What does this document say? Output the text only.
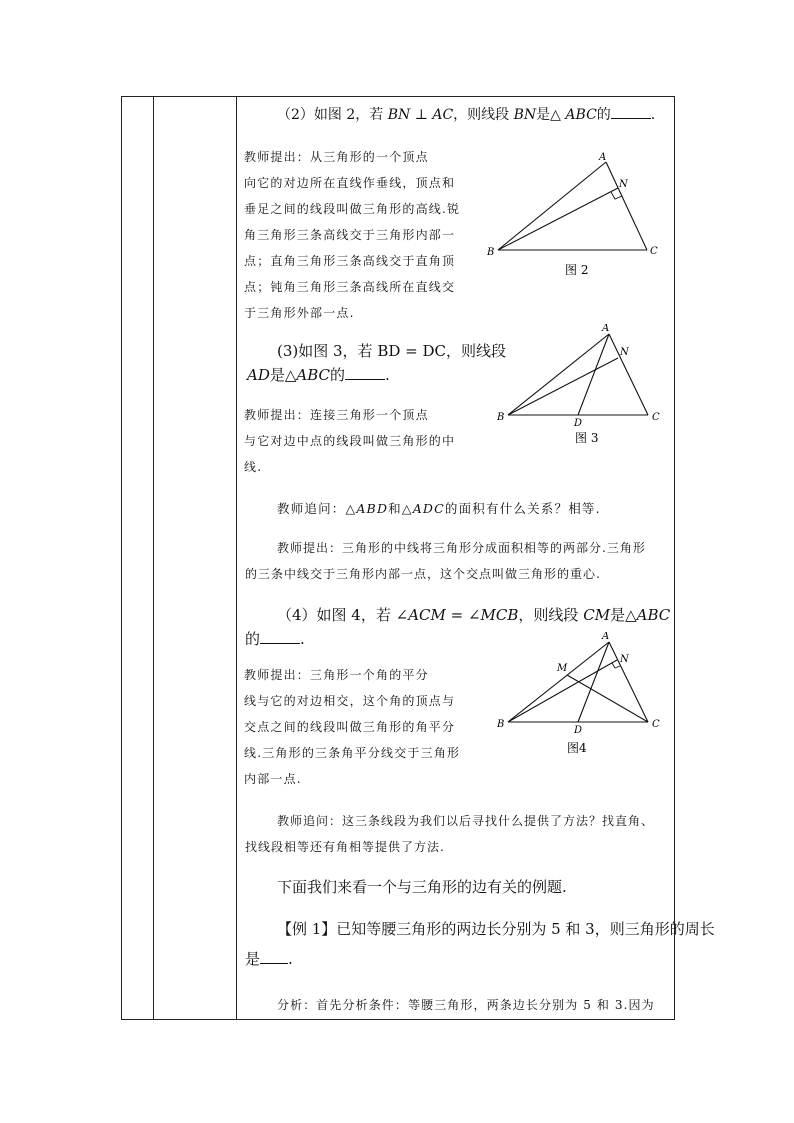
（2）如图 2，若 BN ⊥ AC，则线段 BN是△ ABC的	.
教师提出：从三角形的一个顶点
向它的对边所在直线作垂线，顶点和
垂足之间的线段叫做三角形的高线.锐
角三角形三条高线交于三角形内部一
点；直角三角形三条高线交于直角顶
点；钝角三角形三条高线所在直线交
于三角形外部一点.
A
N
B	C
图 2
(3)如图 3，若 BD = DC，则线段
AD是△ABC的	.
教师提出：连接三角形一个顶点
与它对边中点的线段叫做三角形的中
线.
A
N
B
D
C
图 3
教师追问：△ABD和△ADC的面积有什么关系？相等.
教师提出：三角形的中线将三角形分成面积相等的两部分.三角形
的三条中线交于三角形内部一点，这个交点叫做三角形的重心.
（4）如图 4，若 ∠ACM = ∠MCB，则线段 CM是△ABC
的	.
教师提出：三角形一个角的平分
线与它的对边相交，这个角的顶点与
交点之间的线段叫做三角形的角平分
线.三角形的三条角平分线交于三角形
内部一点.
A
N
M
B
D
C
图4
教师追问：这三条线段为我们以后寻找什么提供了方法？找直角、
找线段相等还有角相等提供了方法.
下面我们来看一个与三角形的边有关的例题.
【例 1】已知等腰三角形的两边长分别为 5 和 3，则三角形的周长
是 .
分析：首先分析条件：等腰三角形，两条边长分别为 5 和 3.因为
